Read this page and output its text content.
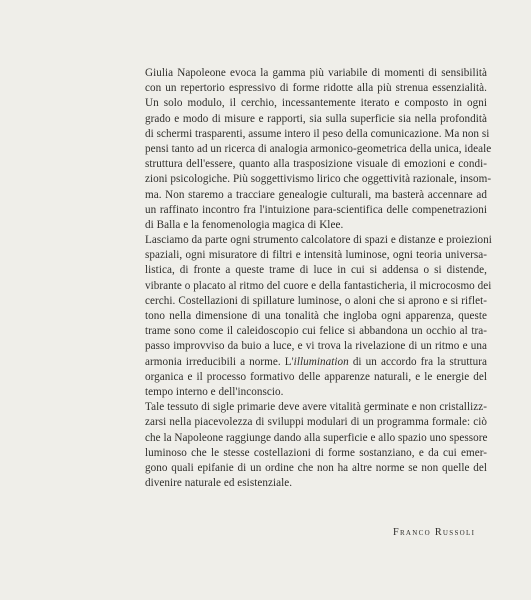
Giulia Napoleone evoca la gamma più variabile di momenti di sensibilità
con un repertorio espressivo di forme ridotte alla più strenua essenzialità.
Un solo modulo, il cerchio, incessantemente iterato e composto in ogni
grado e modo di misure e rapporti, sia sulla superficie sia nella profondità
di schermi trasparenti, assume intero il peso della comunicazione. Ma non si
pensi tanto ad un ricerca di analogia armonico-geometrica della unica, ideale
struttura dell'essere, quanto alla trasposizione visuale di emozioni e condi-
zioni psicologiche. Più soggettivismo lirico che oggettività razionale, insom-
ma. Non staremo a tracciare genealogie culturali, ma basterà accennare ad
un raffinato incontro fra l'intuizione para-scientifica delle compenetrazioni
di Balla e la fenomenologia magica di Klee.
Lasciamo da parte ogni strumento calcolatore di spazi e distanze e proiezioni
spaziali, ogni misuratore di filtri e intensità luminose, ogni teoria universa-
listica, di fronte a queste trame di luce in cui si addensa o si distende,
vibrante o placato al ritmo del cuore e della fantasticheria, il microcosmo dei
cerchi. Costellazioni di spillature luminose, o aloni che si aprono e si riflet-
tono nella dimensione di una tonalità che ingloba ogni apparenza, queste
trame sono come il caleidoscopio cui felice si abbandona un occhio al tra-
passo improvviso da buio a luce, e vi trova la rivelazione di un ritmo e una
armonia irreducibili a norme. L'illumination di un accordo fra la struttura
organica e il processo formativo delle apparenze naturali, e le energie del
tempo interno e dell'inconscio.
Tale tessuto di sigle primarie deve avere vitalità germinate e non cristallizz-
zarsi nella piacevolezza di sviluppi modulari di un programma formale: ciò
che la Napoleone raggiunge dando alla superficie e allo spazio uno spessore
luminoso che le stesse costellazioni di forme sostanziano, e da cui emer-
gono quali epifanie di un ordine che non ha altre norme se non quelle del
divenire naturale ed esistenziale.
Franco Russoli
